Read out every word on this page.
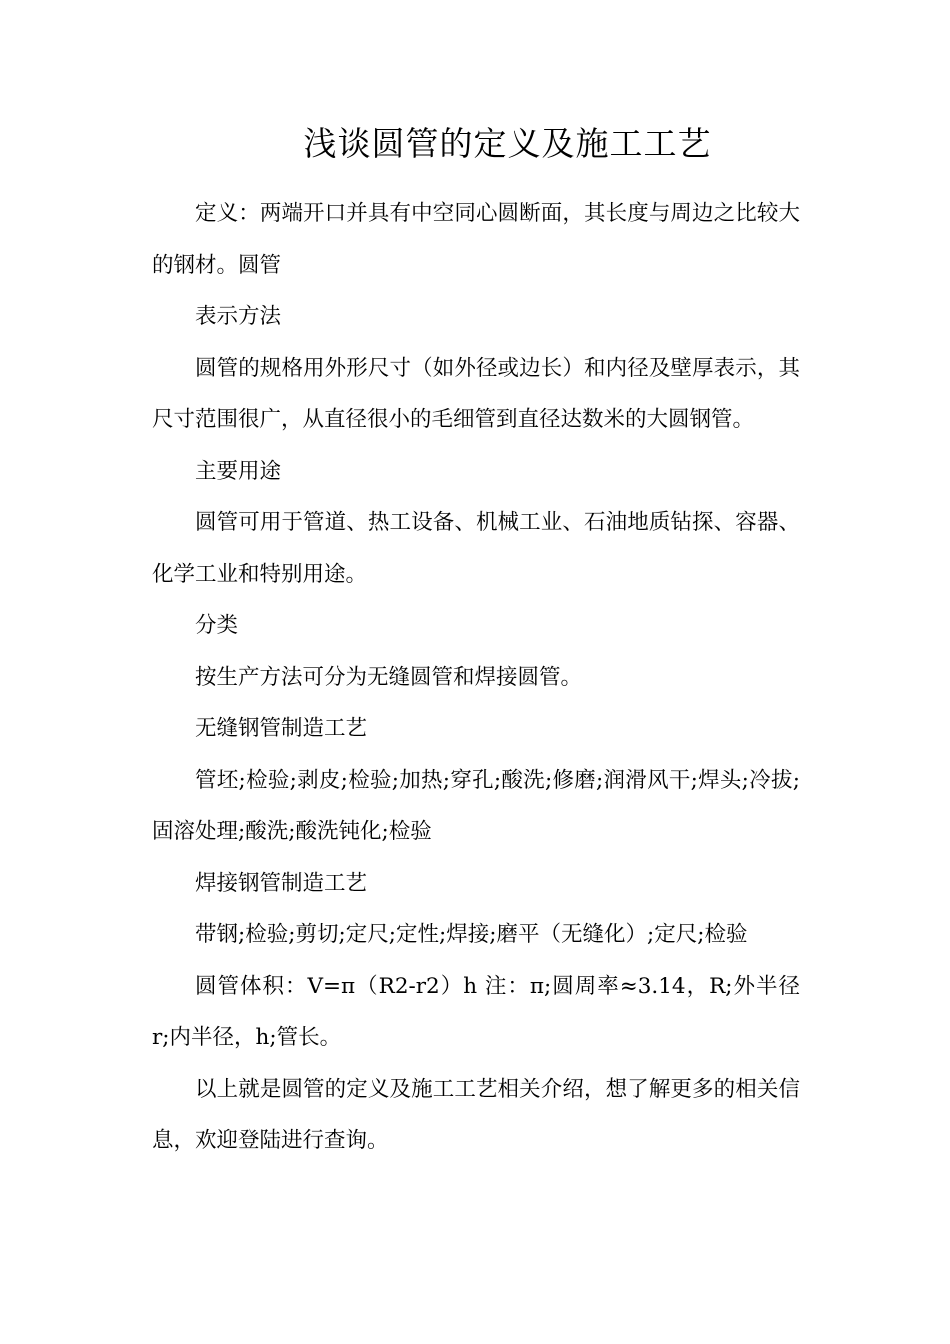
浅谈圆管的定义及施工工艺

定义：两端开口并具有中空同心圆断面，其长度与周边之比较大的钢材。圆管

表示方法

圆管的规格用外形尺寸（如外径或边长）和内径及壁厚表示，其尺寸范围很广，从直径很小的毛细管到直径达数米的大圆钢管。

主要用途

圆管可用于管道、热工设备、机械工业、石油地质钻探、容器、化学工业和特别用途。

分类

按生产方法可分为无缝圆管和焊接圆管。

无缝钢管制造工艺

管坯;检验;剥皮;检验;加热;穿孔;酸洗;修磨;润滑风干;焊头;冷拔;固溶处理;酸洗;酸洗钝化;检验

焊接钢管制造工艺

带钢;检验;剪切;定尺;定性;焊接;磨平（无缝化）;定尺;检验

圆管体积：V=π（R2-r2）h 注：π;圆周率≈3.14，R;外半径 r;内半径，h;管长。

以上就是圆管的定义及施工工艺相关介绍，想了解更多的相关信息，欢迎登陆进行查询。
